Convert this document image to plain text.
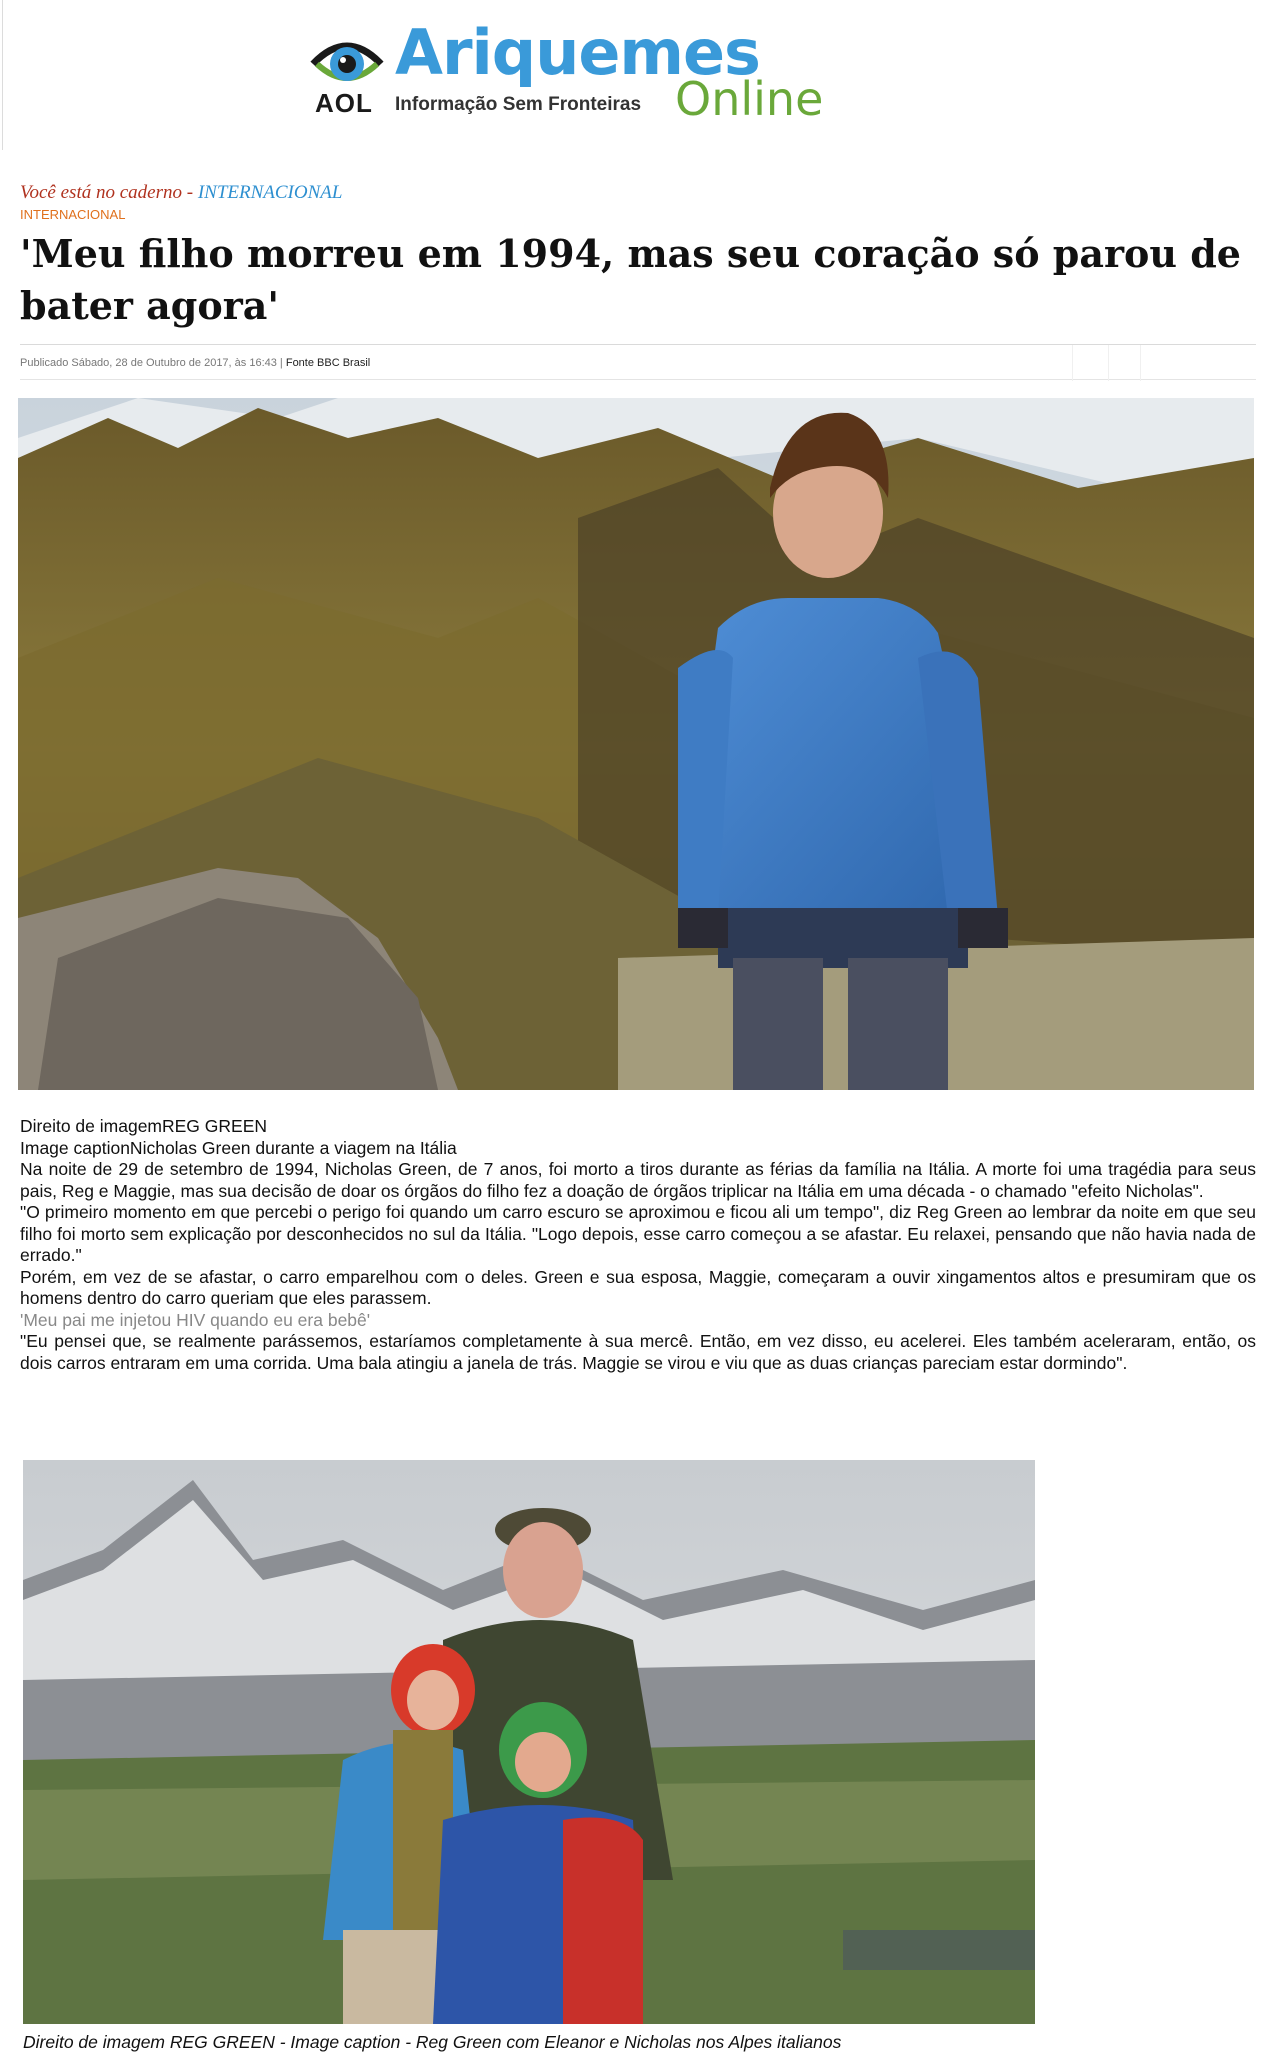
AOL
Ariquemes
Informação Sem Fronteiras Online
Você está no caderno - INTERNACIONAL
INTERNACIONAL
'Meu filho morreu em 1994, mas seu coração só parou de bater agora'
Publicado Sábado, 28 de Outubro de 2017, às 16:43 | Fonte BBC Brasil

Direito de imagemREG GREEN

Image captionNicholas Green durante a viagem na Itália

Na noite de 29 de setembro de 1994, Nicholas Green, de 7 anos, foi morto a tiros durante as férias da família na Itália. A morte foi uma tragédia para seus pais, Reg e Maggie, mas sua decisão de doar os órgãos do filho fez a doação de órgãos triplicar na Itália em uma década - o chamado "efeito Nicholas".

"O primeiro momento em que percebi o perigo foi quando um carro escuro se aproximou e ficou ali um tempo", diz Reg Green ao lembrar da noite em que seu filho foi morto sem explicação por desconhecidos no sul da Itália. "Logo depois, esse carro começou a se afastar. Eu relaxei, pensando que não havia nada de errado."

Porém, em vez de se afastar, o carro emparelhou com o deles. Green e sua esposa, Maggie, começaram a ouvir xingamentos altos e presumiram que os homens dentro do carro queriam que eles parassem.

'Meu pai me injetou HIV quando eu era bebê'

"Eu pensei que, se realmente parássemos, estaríamos completamente à sua mercê. Então, em vez disso, eu acelerei. Eles também aceleraram, então, os dois carros entraram em uma corrida. Uma bala atingiu a janela de trás. Maggie se virou e viu que as duas crianças pareciam estar dormindo".

Direito de imagem REG GREEN - Image caption - Reg Green com Eleanor e Nicholas nos Alpes italianos
